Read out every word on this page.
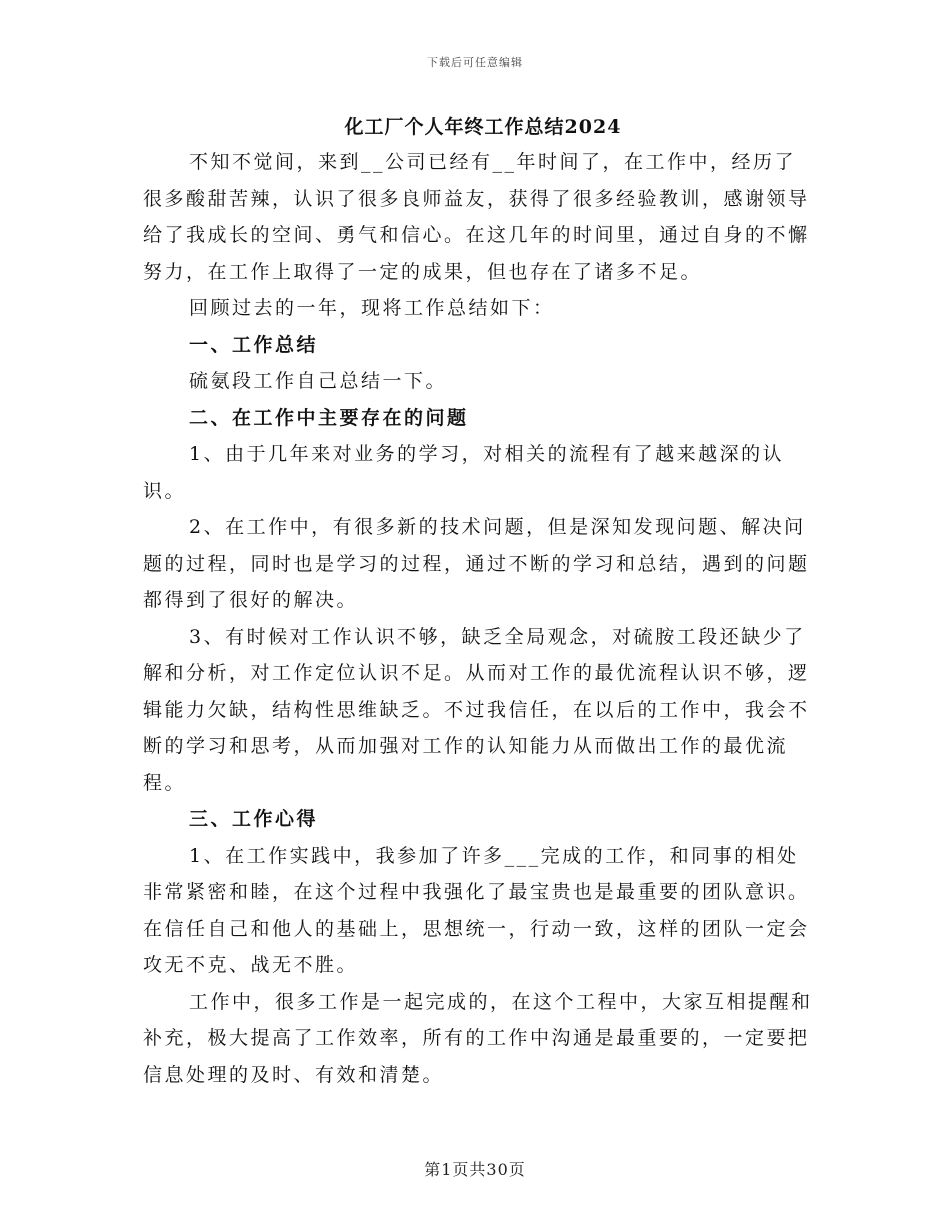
下载后可任意编辑
化工厂个人年终工作总结2024

不知不觉间，来到__公司已经有__年时间了，在工作中，经历了很多酸甜苦辣，认识了很多良师益友，获得了很多经验教训，感谢领导给了我成长的空间、勇气和信心。在这几年的时间里，通过自身的不懈努力，在工作上取得了一定的成果，但也存在了诸多不足。

回顾过去的一年，现将工作总结如下：

一、工作总结

硫氨段工作自己总结一下。

二、在工作中主要存在的问题

1、由于几年来对业务的学习，对相关的流程有了越来越深的认识。

2、在工作中，有很多新的技术问题，但是深知发现问题、解决问题的过程，同时也是学习的过程，通过不断的学习和总结，遇到的问题都得到了很好的解决。

3、有时候对工作认识不够，缺乏全局观念，对硫胺工段还缺少了解和分析，对工作定位认识不足。从而对工作的最优流程认识不够，逻辑能力欠缺，结构性思维缺乏。不过我信任，在以后的工作中，我会不断的学习和思考，从而加强对工作的认知能力从而做出工作的最优流程。

三、工作心得

1、在工作实践中，我参加了许多___完成的工作，和同事的相处非常紧密和睦，在这个过程中我强化了最宝贵也是最重要的团队意识。在信任自己和他人的基础上，思想统一，行动一致，这样的团队一定会攻无不克、战无不胜。

工作中，很多工作是一起完成的，在这个工程中，大家互相提醒和补充，极大提高了工作效率，所有的工作中沟通是最重要的，一定要把信息处理的及时、有效和清楚。

第1页共30页
